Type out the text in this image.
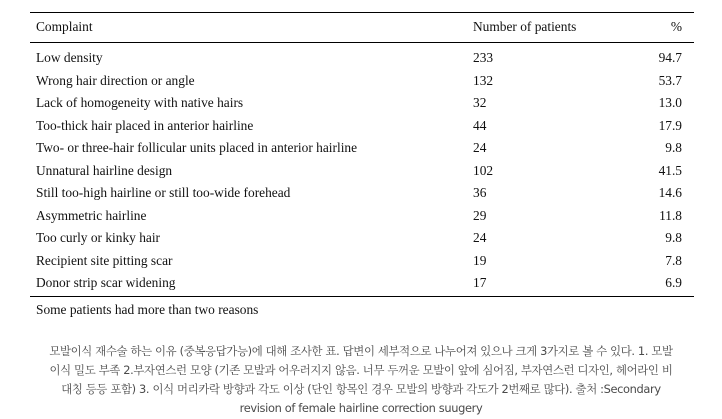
Complaint	Number of patients	%
Low density	233	94.7
Wrong hair direction or angle	132	53.7
Lack of homogeneity with native hairs	32	13.0
Too-thick hair placed in anterior hairline	44	17.9
Two- or three-hair follicular units placed in anterior hairline	24	9.8
Unnatural hairline design	102	41.5
Still too-high hairline or still too-wide forehead	36	14.6
Asymmetric hairline	29	11.8
Too curly or kinky hair	24	9.8
Recipient site pitting scar	19	7.8
Donor strip scar widening	17	6.9
Some patients had more than two reasons
모발이식 재수술 하는 이유 (중복응답가능)에 대해 조사한 표. 답변이 세부적으로 나누어져 있으나 크게 3가지로 볼 수 있다. 1. 모발
이식 밀도 부족 2.부자연스런 모양 (기존 모발과 어우러지지 않음. 너무 두꺼운 모발이 앞에 심어짐, 부자연스런 디자인, 헤어라인 비
대칭 등등 포함) 3. 이식 머리카락 방향과 각도 이상 (단인 항목인 경우 모발의 방향과 각도가 2번째로 많다). 출처 :Secondary
revision of female hairline correction suugery
